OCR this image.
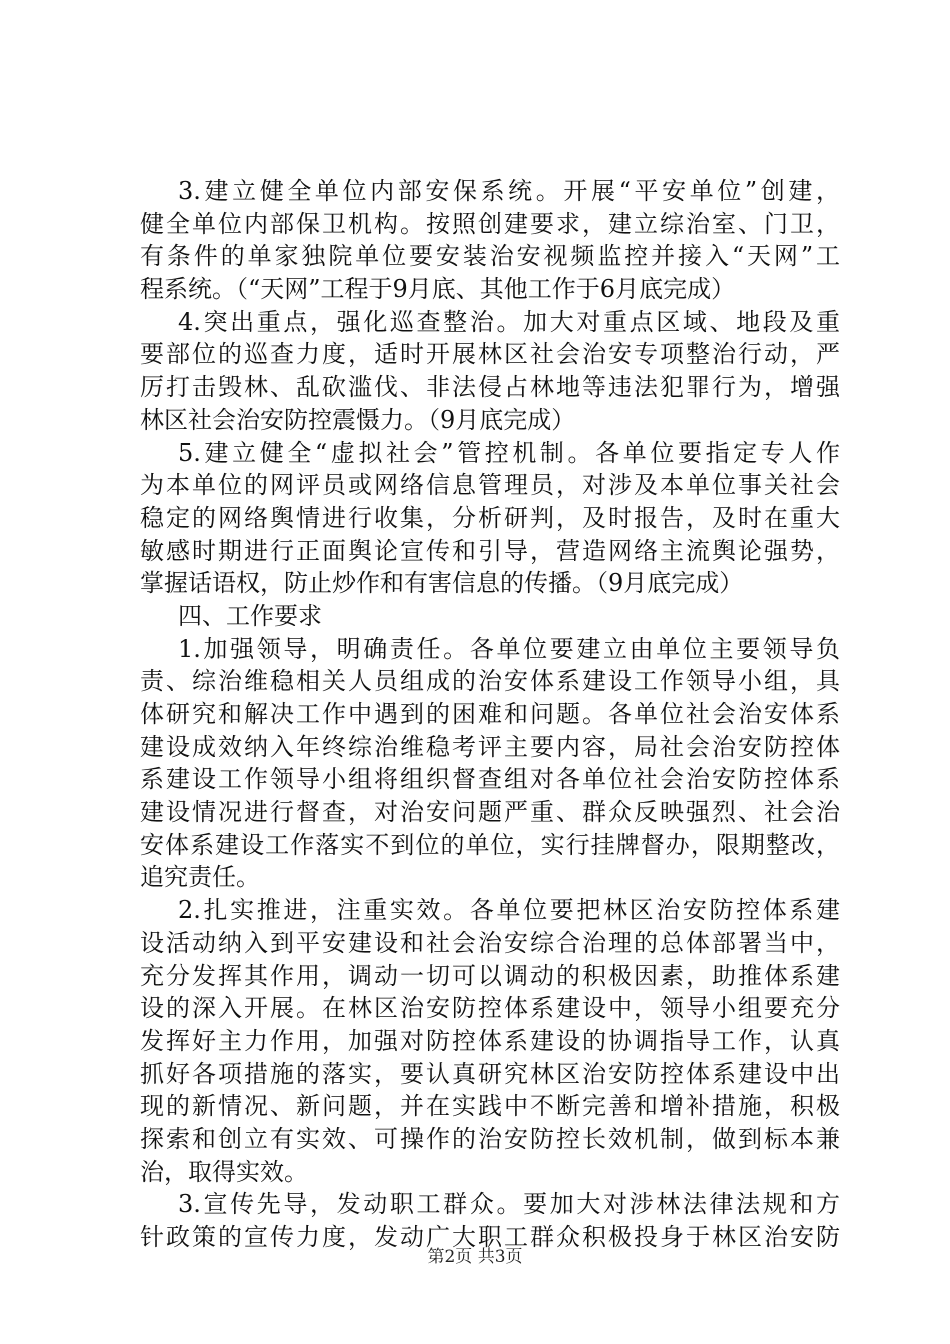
3.建立健全单位内部安保系统。开展“平安单位”创建，
健全单位内部保卫机构。按照创建要求，建立综治室、门卫，
有条件的单家独院单位要安装治安视频监控并接入“天网”工
程系统。（“天网”工程于9月底、其他工作于6月底完成）
4.突出重点，强化巡查整治。加大对重点区域、地段及重
要部位的巡查力度，适时开展林区社会治安专项整治行动，严
厉打击毁林、乱砍滥伐、非法侵占林地等违法犯罪行为，增强
林区社会治安防控震慑力。（9月底完成）
5.建立健全“虚拟社会”管控机制。各单位要指定专人作
为本单位的网评员或网络信息管理员，对涉及本单位事关社会
稳定的网络舆情进行收集，分析研判，及时报告，及时在重大
敏感时期进行正面舆论宣传和引导，营造网络主流舆论强势，
掌握话语权，防止炒作和有害信息的传播。（9月底完成）
四、工作要求
1.加强领导，明确责任。各单位要建立由单位主要领导负
责、综治维稳相关人员组成的治安体系建设工作领导小组，具
体研究和解决工作中遇到的困难和问题。各单位社会治安体系
建设成效纳入年终综治维稳考评主要内容，局社会治安防控体
系建设工作领导小组将组织督查组对各单位社会治安防控体系
建设情况进行督查，对治安问题严重、群众反映强烈、社会治
安体系建设工作落实不到位的单位，实行挂牌督办，限期整改，
追究责任。
2.扎实推进，注重实效。各单位要把林区治安防控体系建
设活动纳入到平安建设和社会治安综合治理的总体部署当中，
充分发挥其作用，调动一切可以调动的积极因素，助推体系建
设的深入开展。在林区治安防控体系建设中，领导小组要充分
发挥好主力作用，加强对防控体系建设的协调指导工作，认真
抓好各项措施的落实，要认真研究林区治安防控体系建设中出
现的新情况、新问题，并在实践中不断完善和增补措施，积极
探索和创立有实效、可操作的治安防控长效机制，做到标本兼
治，取得实效。
3.宣传先导，发动职工群众。要加大对涉林法律法规和方
针政策的宣传力度，发动广大职工群众积极投身于林区治安防
第2页 共3页
